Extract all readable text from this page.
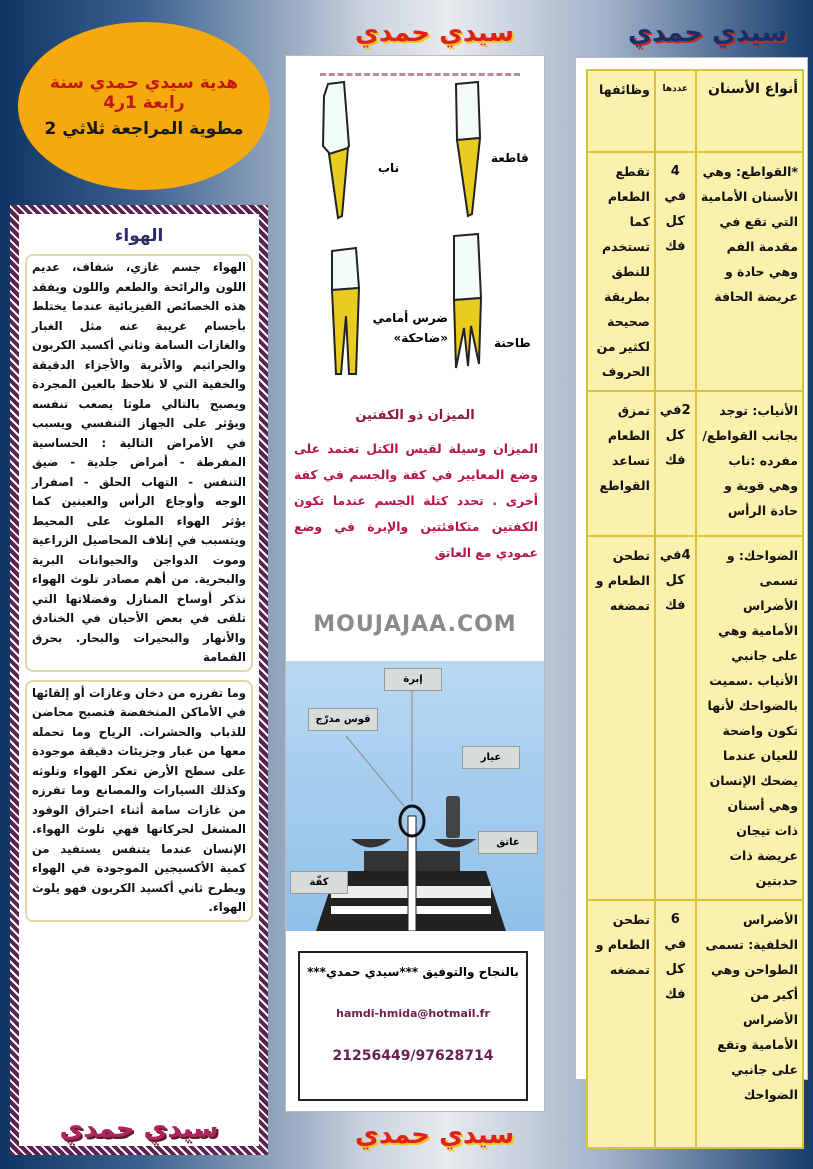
سيدي حمدي
سيدي حمدي
سيدي حمدي
هدية سيدي حمدي سنة رابعة 1ر4
مطوية المراجعة ثلاثي 2
الهواء
الهواء جسم غازي، شفاف، عديم اللون والرائحة والطعم واللون ويفقد هذه الخصائص الفيزيائية عندما يختلط بأجسام غريبة عنه مثل الغبار والغازات السامة وثاني أكسيد الكربون والجراثيم والأتربة والأجزاء الدقيقة والخفية التي لا نلاحظ بالعين المجردة ويصبح بالتالي ملوثا يصعب تنفسه ويؤثر على الجهاز التنفسي ويسبب في الأمراض التالية : الحساسية المفرطة - أمراض جلدية - ضيق التنفس - التهاب الحلق - اصفرار الوجه وأوجاع الرأس والعينين كما يؤثر الهواء الملوث على المحيط ويتسبب في إتلاف المحاصيل الزراعية وموت الدواجن والحيوانات البرية والبحرية. من أهم مصادر تلوث الهواء نذكر أوساخ المنازل وفضلاتها التي تلقى في بعض الأحيان في الخنادق والأنهار والبحيرات والبحار. بحرق القمامة
وما تفرزه من دخان وغازات أو إلقائها في الأماكن المنخفضة فتصبح محاضن للذباب والحشرات. الرياح وما تحمله معها من غبار وجزيئات دقيقة موجودة على سطح الأرض تعكر الهواء وتلوثه وكذلك السيارات والمصانع وما تفرزه من غازات سامة أثناء احتراق الوقود المشغل لحركاتها فهي تلوث الهواء. الإنسان عندما يتنفس يستفيد من كمية الأكسيجين الموجودة في الهواء ويطرح ثاني أكسيد الكربون فهو يلوث الهواء.
سيدي حمدي
ناب
قاطعة
ضرس أمامي «ضاحكة»	طاحنة
الميزان ذو الكفتين
الميزان وسيلة لقيس الكتل تعتمد على وضع المعايير في كفة والجسم في كفة أخرى . تحدد كتلة الجسم عندما تكون الكفتين متكافئتين والإبرة في وضع عمودي مع العاتق
إبرة
قوس مدرّج
عيار
عاتق
كفّة
بالنجاح والتوفيق ***سيدي حمدي***
hamdi-hmida@hotmail.fr
21256449/97628714
MOUJAJAA.COM
أنواع الأسنان	عددها	وظائفها
*القواطع: وهي الأسنان الأمامية التي تقع في مقدمة الفم وهي حادة و عريضة الحافة	4 في كل فك	تقطع الطعام كما تستخدم للنطق بطريقة صحيحة لكثير من الحروف
الأنياب: توجد بجانب القواطع/ مفرده :ناب وهي قوية و حادة الرأس	2في كل فك	تمزق الطعام تساعد القواطع
الضواحك: و تسمى الأضراس الأمامية وهي على جانبي الأنياب .سميت بالضواحك لأنها تكون واضحة للعيان عندما يضحك الإنسان وهي أسنان ذات تيجان عريضة ذات حدبتين	4في كل فك	تطحن الطعام و تمضغه
الأضراس الخلفية: تسمى الطواحن وهي أكبر من الأضراس الأمامية وتقع على جانبي الضواحك	6 في كل فك	تطحن الطعام و تمضغه
